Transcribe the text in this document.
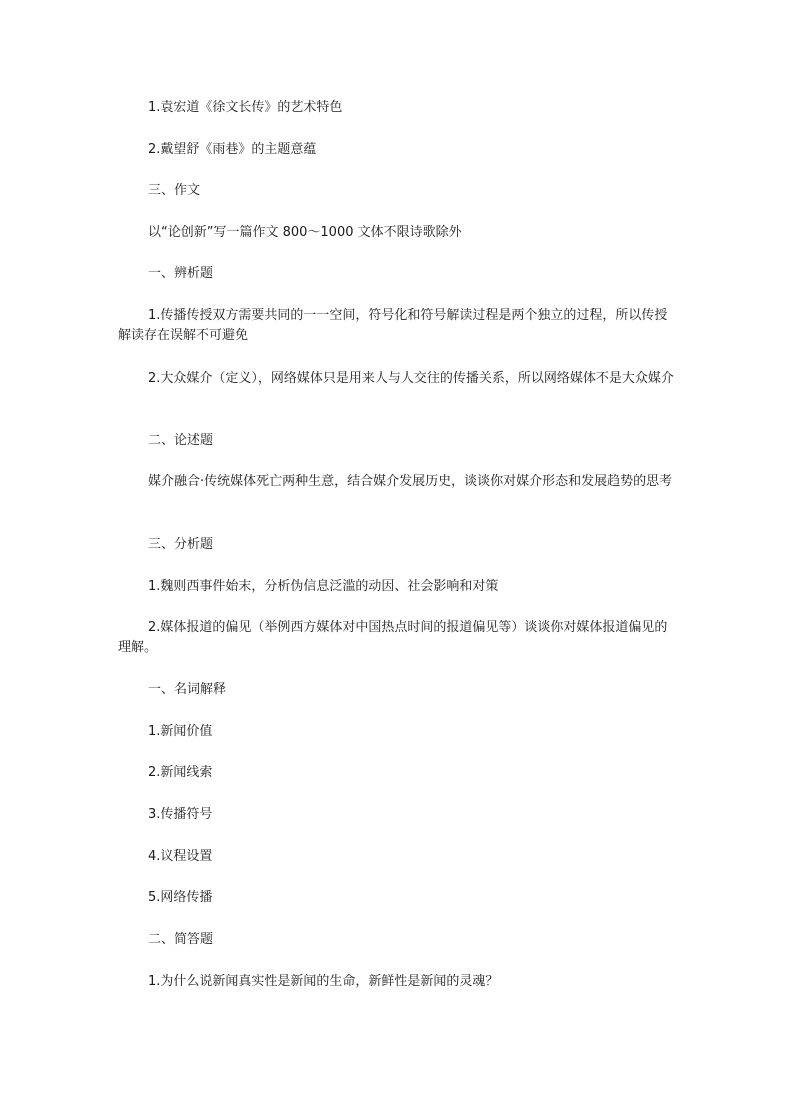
1.袁宏道《徐文长传》的艺术特色

2.戴望舒《雨巷》的主题意蕴

三、作文

以“论创新”写一篇作文 800～1000 文体不限诗歌除外

一、辨析题

1.传播传授双方需要共同的一一空间，符号化和符号解读过程是两个独立的过程，所以传授解读存在误解不可避免

2.大众媒介（定义），网络媒体只是用来人与人交往的传播关系，所以网络媒体不是大众媒介

二、论述题

媒介融合·传统媒体死亡两种生意，结合媒介发展历史，谈谈你对媒介形态和发展趋势的思考

三、分析题

1.魏则西事件始末，分析伪信息泛滥的动因、社会影响和对策

2.媒体报道的偏见（举例西方媒体对中国热点时间的报道偏见等）谈谈你对媒体报道偏见的理解。

一、名词解释

1.新闻价值

2.新闻线索

3.传播符号

4.议程设置

5.网络传播

二、简答题

1.为什么说新闻真实性是新闻的生命，新鲜性是新闻的灵魂？
